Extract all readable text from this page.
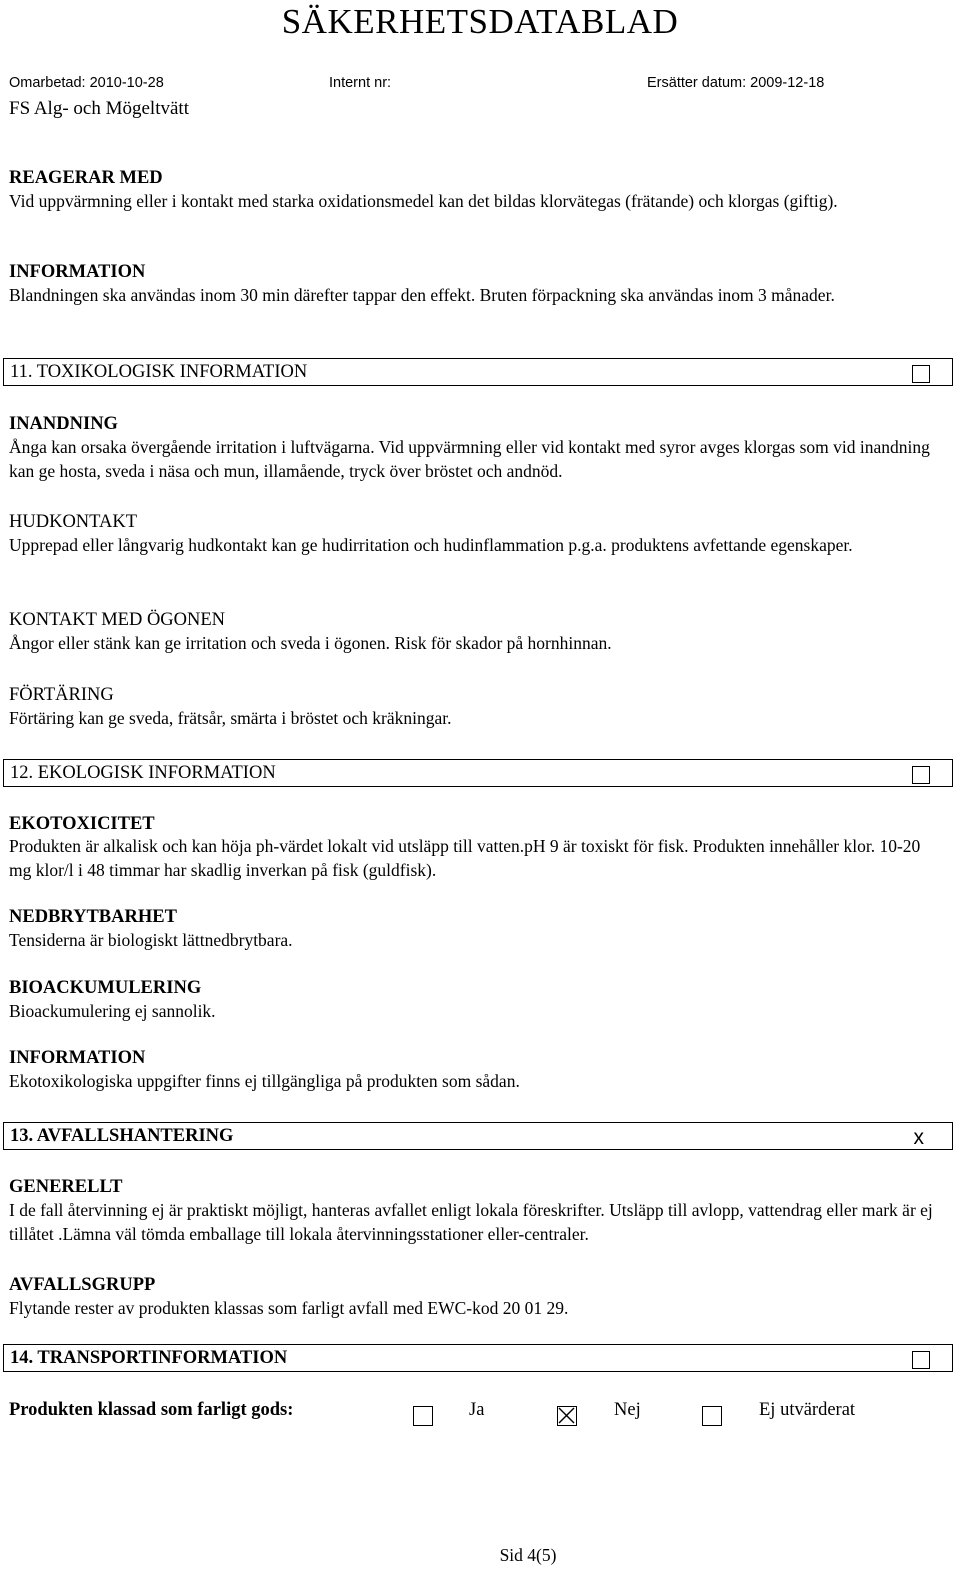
SÄKERHETSDATABLAD
Omarbetad: 2010-10-28	Internt nr:	Ersätter datum: 2009-12-18
FS Alg- och Mögeltvätt
REAGERAR MED
Vid uppvärmning eller i kontakt med starka oxidationsmedel kan det bildas klorvätegas (frätande) och klorgas (giftig).
INFORMATION
Blandningen ska användas inom 30 min därefter tappar den effekt. Bruten förpackning ska användas inom 3 månader.
11. TOXIKOLOGISK INFORMATION
INANDNING
Ånga kan orsaka övergående irritation i luftvägarna. Vid uppvärmning eller vid kontakt med syror avges klorgas som vid inandning kan ge hosta, sveda i näsa och mun, illamående, tryck över bröstet och andnöd.
HUDKONTAKT
Upprepad eller långvarig hudkontakt kan ge hudirritation och hudinflammation p.g.a. produktens avfettande egenskaper.
KONTAKT MED ÖGONEN
Ångor eller stänk kan ge irritation och sveda i ögonen. Risk för skador på hornhinnan.
FÖRTÄRING
Förtäring kan ge sveda, frätsår, smärta i bröstet och kräkningar.
12. EKOLOGISK INFORMATION
EKOTOXICITET
Produkten är alkalisk och kan höja ph-värdet lokalt vid utsläpp till vatten.pH 9 är toxiskt för fisk. Produkten innehåller klor. 10-20 mg klor/l i 48 timmar har skadlig inverkan på fisk (guldfisk).
NEDBRYTBARHET
Tensiderna är biologiskt lättnedbrytbara.
BIOACKUMULERING
Bioackumulering ej sannolik.
INFORMATION
Ekotoxikologiska uppgifter finns ej tillgängliga på produkten som sådan.
13. AVFALLSHANTERING	x
GENERELLT
I de fall återvinning ej är praktiskt möjligt, hanteras avfallet enligt lokala föreskrifter. Utsläpp till avlopp, vattendrag eller mark är ej tillåtet .Lämna väl tömda emballage till lokala återvinningsstationer eller-centraler.
AVFALLSGRUPP
Flytande rester av produkten klassas som farligt avfall med EWC-kod 20 01 29.
14. TRANSPORTINFORMATION
Produkten klassad som farligt gods:	Ja	Nej	Ej utvärderat
Sid 4(5)
